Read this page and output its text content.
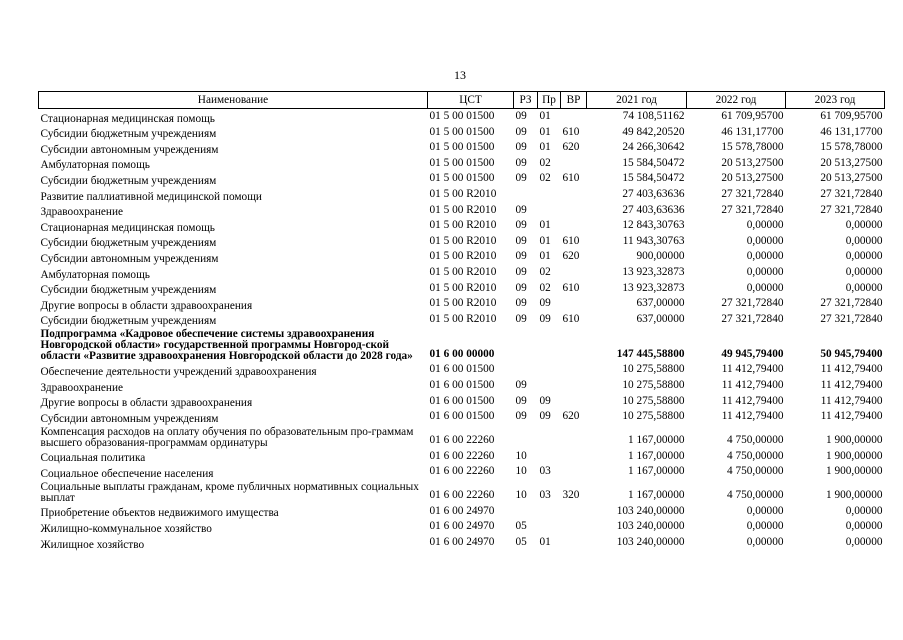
13
Наименование	ЦСТ	РЗ	Пр	ВР	2021 год	2022 год	2023 год
Стационарная медицинская помощь	01 5 00 01500	09	01		74 108,51162	61 709,95700	61 709,95700
Субсидии бюджетным учреждениям	01 5 00 01500	09	01	610	49 842,20520	46 131,17700	46 131,17700
Субсидии автономным учреждениям	01 5 00 01500	09	01	620	24 266,30642	15 578,78000	15 578,78000
Амбулаторная помощь	01 5 00 01500	09	02		15 584,50472	20 513,27500	20 513,27500
Субсидии бюджетным учреждениям	01 5 00 01500	09	02	610	15 584,50472	20 513,27500	20 513,27500
Развитие паллиативной медицинской помощи	01 5 00 R2010				27 403,63636	27 321,72840	27 321,72840
Здравоохранение	01 5 00 R2010	09			27 403,63636	27 321,72840	27 321,72840
Стационарная медицинская помощь	01 5 00 R2010	09	01		12 843,30763	0,00000	0,00000
Субсидии бюджетным учреждениям	01 5 00 R2010	09	01	610	11 943,30763	0,00000	0,00000
Субсидии автономным учреждениям	01 5 00 R2010	09	01	620	900,00000	0,00000	0,00000
Амбулаторная помощь	01 5 00 R2010	09	02		13 923,32873	0,00000	0,00000
Субсидии бюджетным учреждениям	01 5 00 R2010	09	02	610	13 923,32873	0,00000	0,00000
Другие вопросы в области здравоохранения	01 5 00 R2010	09	09		637,00000	27 321,72840	27 321,72840
Субсидии бюджетным учреждениям	01 5 00 R2010	09	09	610	637,00000	27 321,72840	27 321,72840
Подпрограмма «Кадровое обеспечение системы здравоохранения Новгородской области» государственной программы Новгород-ской области «Развитие здравоохранения Новгородской области до 2028 года»	01 6 00 00000				147 445,58800	49 945,79400	50 945,79400
Обеспечение деятельности учреждений здравоохранения	01 6 00 01500				10 275,58800	11 412,79400	11 412,79400
Здравоохранение	01 6 00 01500	09			10 275,58800	11 412,79400	11 412,79400
Другие вопросы в области здравоохранения	01 6 00 01500	09	09		10 275,58800	11 412,79400	11 412,79400
Субсидии автономным учреждениям	01 6 00 01500	09	09	620	10 275,58800	11 412,79400	11 412,79400
Компенсация расходов на оплату обучения по образовательным про-граммам высшего образования-программам ординатуры	01 6 00 22260				1 167,00000	4 750,00000	1 900,00000
Социальная политика	01 6 00 22260	10			1 167,00000	4 750,00000	1 900,00000
Социальное обеспечение населения	01 6 00 22260	10	03		1 167,00000	4 750,00000	1 900,00000
Социальные выплаты гражданам, кроме публичных нормативных социальных выплат	01 6 00 22260	10	03	320	1 167,00000	4 750,00000	1 900,00000
Приобретение объектов недвижимого имущества	01 6 00 24970				103 240,00000	0,00000	0,00000
Жилищно-коммунальное хозяйство	01 6 00 24970	05			103 240,00000	0,00000	0,00000
Жилищное хозяйство	01 6 00 24970	05	01		103 240,00000	0,00000	0,00000
